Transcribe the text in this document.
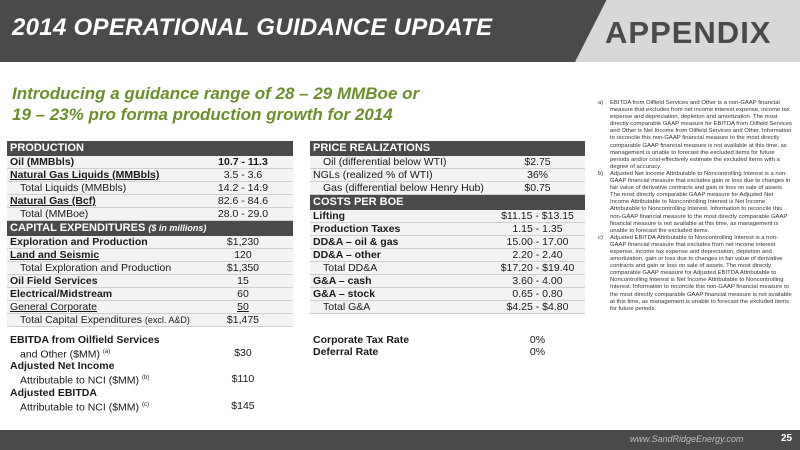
2014 OPERATIONAL GUIDANCE UPDATE	APPENDIX
Introducing a guidance range of 28 – 29 MMBoe or
19 – 23% pro forma production growth for 2014
PRODUCTION	
Oil (MMBbls)	10.7 - 11.3
Natural Gas Liquids (MMBbls)	3.5 - 3.6
Total Liquids (MMBbls)	14.2 - 14.9
Natural Gas (Bcf)	82.6 - 84.6
Total (MMBoe)	28.0 - 29.0
CAPITAL EXPENDITURES ($ in millions)	
Exploration and Production	$1,230
Land and Seismic	120
Total Exploration and Production	$1,350
Oil Field Services	15
Electrical/Midstream	60
General Corporate	50
Total Capital Expenditures (excl. A&D)	$1,475

EBITDA from Oilfield Services	
and Other ($MM) $^{(a)}$	$30
Adjusted Net Income	
Attributable to NCI ($MM) $^{(b)}$	$110
Adjusted EBITDA	
Attributable to NCI ($MM) $^{(c)}$	$145
PRICE REALIZATIONS	
Oil (differential below WTI)	$2.75
NGLs (realized % of WTI)	36%
Gas (differential below Henry Hub)	$0.75
COSTS PER BOE	
Lifting	$11.15 - $13.15
Production Taxes	1.15 - 1.35
DD&A – oil & gas	15.00 - 17.00
DD&A – other	2.20 - 2.40
Total DD&A	$17.20 - $19.40
G&A – cash	3.60 - 4.00
G&A – stock	0.65 - 0.80
Total G&A	$4.25 - $4.80

Corporate Tax Rate	0%
Deferral Rate	0%
a)	EBITDA from Oilfield Services and Other is a non-GAAP financial measure that excludes from net income interest expense, income tax expense and depreciation, depletion and amortization. The most directly comparable GAAP measure for EBITDA from Oilfield Services and Other is Net Income from Oilfield Services and Other. Information to reconcile this non-GAAP financial measure to the most directly comparable GAAP financial measure is not available at this time, as management is unable to forecast the excluded items for future periods and/or cost-effectively estimate the excluded items with a degree of accuracy.
b)	Adjusted Net Income Attributable to Noncontrolling Interest is a non-GAAP financial measure that excludes gain or loss due to changes in fair value of derivative contracts and gain or loss on sale of assets. The most directly comparable GAAP measure for Adjusted Net Income Attributable to Noncontrolling Interest is Net Income Attributable to Noncontrolling Interest. Information to reconcile this non-GAAP financial measure to the most directly comparable GAAP financial measure is not available at this time, as management is unable to forecast the excluded items.
c)	Adjusted EBITDA Attributable to Noncontrolling Interest is a non-GAAP financial measure that excludes from net income interest expense, income tax expense and depreciation, depletion and amortization, gain or loss due to changes in fair value of derivative contracts and gain or loss on sale of assets. The most directly comparable GAAP measure for Adjusted EBITDA Attributable to Noncontrolling Interest is Net Income Attributable to Noncontrolling Interest. Information to reconcile this non-GAAP financial measure to the most directly comparable GAAP financial measure is not available at this time, as management is unable to forecast the excluded items for future periods.
www.SandRidgeEnergy.com	25
